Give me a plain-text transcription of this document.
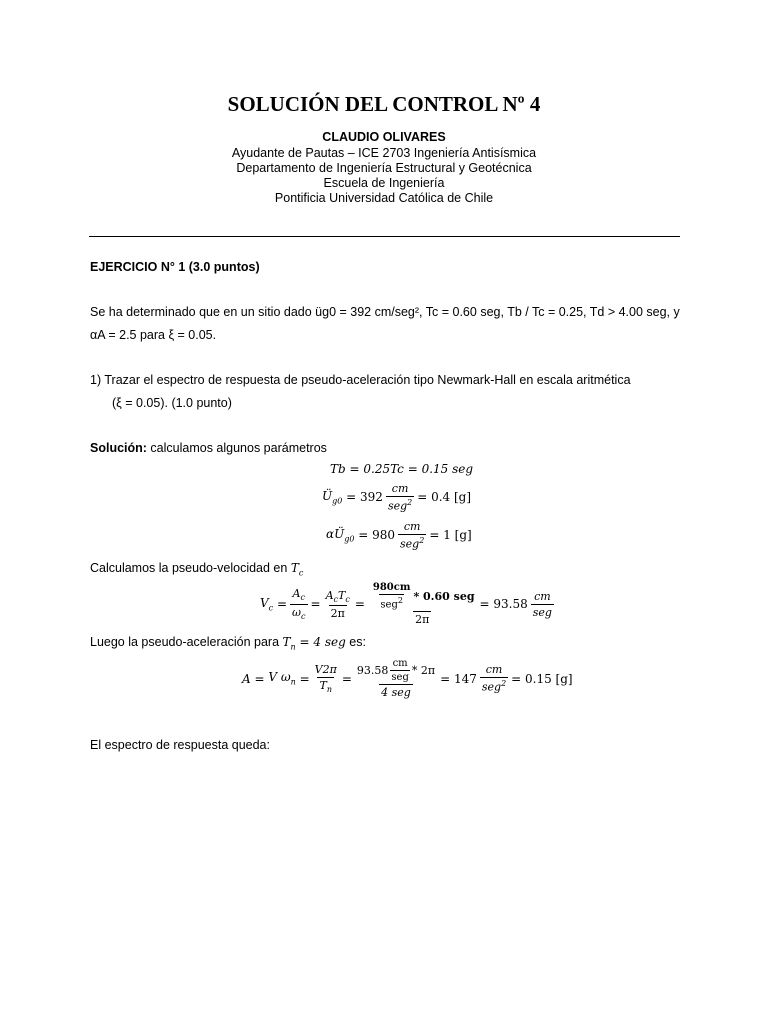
SOLUCIÓN DEL CONTROL Nº 4
CLAUDIO OLIVARES
Ayudante de Pautas – ICE 2703 Ingeniería Antisísmica
Departamento de Ingeniería Estructural y Geotécnica
Escuela de Ingeniería
Pontificia Universidad Católica de Chile
EJERCICIO N° 1 (3.0 puntos)
Se ha determinado que en un sitio dado üg0 = 392 cm/seg², Tc = 0.60 seg, Tb / Tc = 0.25, Td > 4.00 seg, y
αA = 2.5 para ξ = 0.05.
1) Trazar el espectro de respuesta de pseudo-aceleración tipo Newmark-Hall en escala aritmética
(ξ = 0.05). (1.0 punto)
Solución: calculamos algunos parámetros
Tb = 0.25Tc = 0.15 seg
$Ü_{g0} = 392 \frac{cm}{seg^2} = 0.4$ [g]
$\alpha Ü_{g0} = 980 \frac{cm}{seg^2} = 1$ [g]
Calculamos la pseudo-velocidad en $T_c$
$V_c = \frac{A_c}{\omega_c} = \frac{A_cT_c}{2\pi} = \frac{\frac{980cm}{seg^2} * 0.60 seg}{2\pi} = 93.58 \frac{cm}{\text{seg}}$
Luego la pseudo-aceleración para $T_n = 4$ seg es:
A = V $\omega_n = \frac{V2\pi}{T_n} = \frac{93.58 \frac{cm}{\text{seg}} * 2\pi}{\text{4 seg}} = 147 \frac{cm}{seg^2} = 0.15$ [g]
El espectro de respuesta queda:
